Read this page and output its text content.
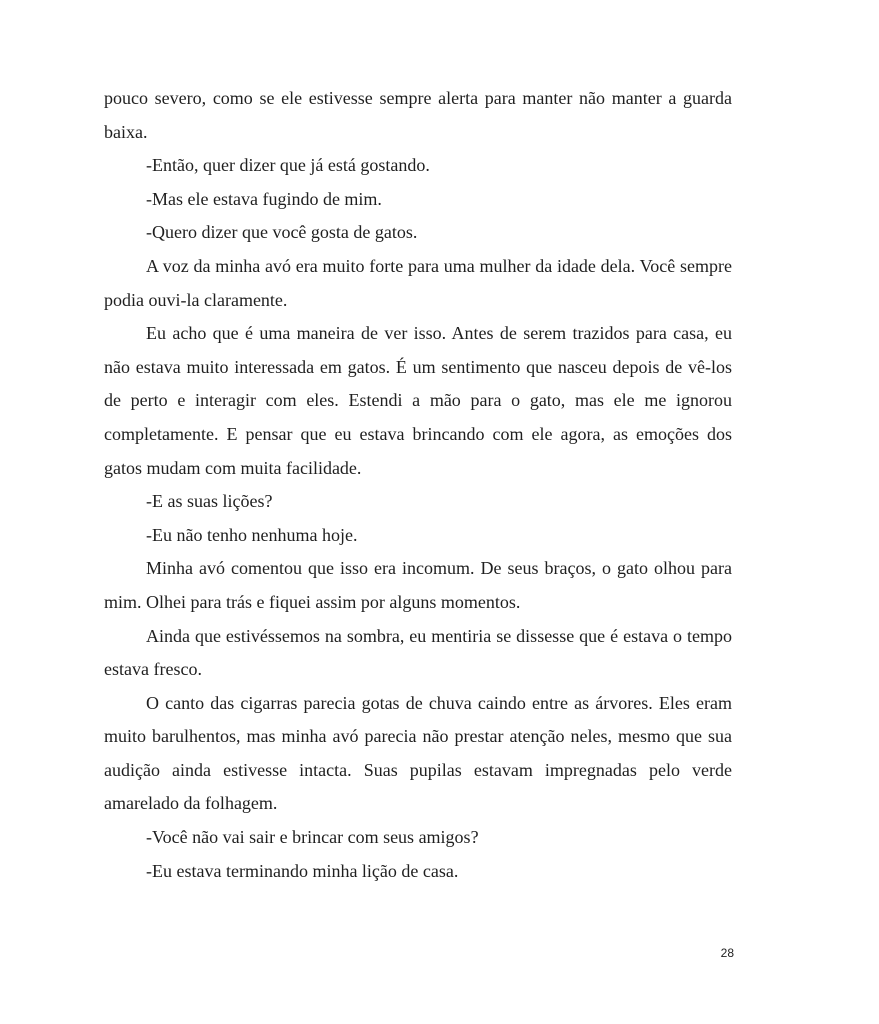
pouco severo, como se ele estivesse sempre alerta para manter não manter a guarda baixa.

-Então, quer dizer que já está gostando.

-Mas ele estava fugindo de mim.

-Quero dizer que você gosta de gatos.

A voz da minha avó era muito forte para uma mulher da idade dela. Você sempre podia ouvi-la claramente.

Eu acho que é uma maneira de ver isso. Antes de serem trazidos para casa, eu não estava muito interessada em gatos. É um sentimento que nasceu depois de vê-los de perto e interagir com eles. Estendi a mão para o gato, mas ele me ignorou completamente. E pensar que eu estava brincando com ele agora, as emoções dos gatos mudam com muita facilidade.

-E as suas lições?

-Eu não tenho nenhuma hoje.

Minha avó comentou que isso era incomum. De seus braços, o gato olhou para mim. Olhei para trás e fiquei assim por alguns momentos.

Ainda que estivéssemos na sombra, eu mentiria se dissesse que é estava o tempo estava fresco.

O canto das cigarras parecia gotas de chuva caindo entre as árvores. Eles eram muito barulhentos, mas minha avó parecia não prestar atenção neles, mesmo que sua audição ainda estivesse intacta. Suas pupilas estavam impregnadas pelo verde amarelado da folhagem.

-Você não vai sair e brincar com seus amigos?

-Eu estava terminando minha lição de casa.

28
